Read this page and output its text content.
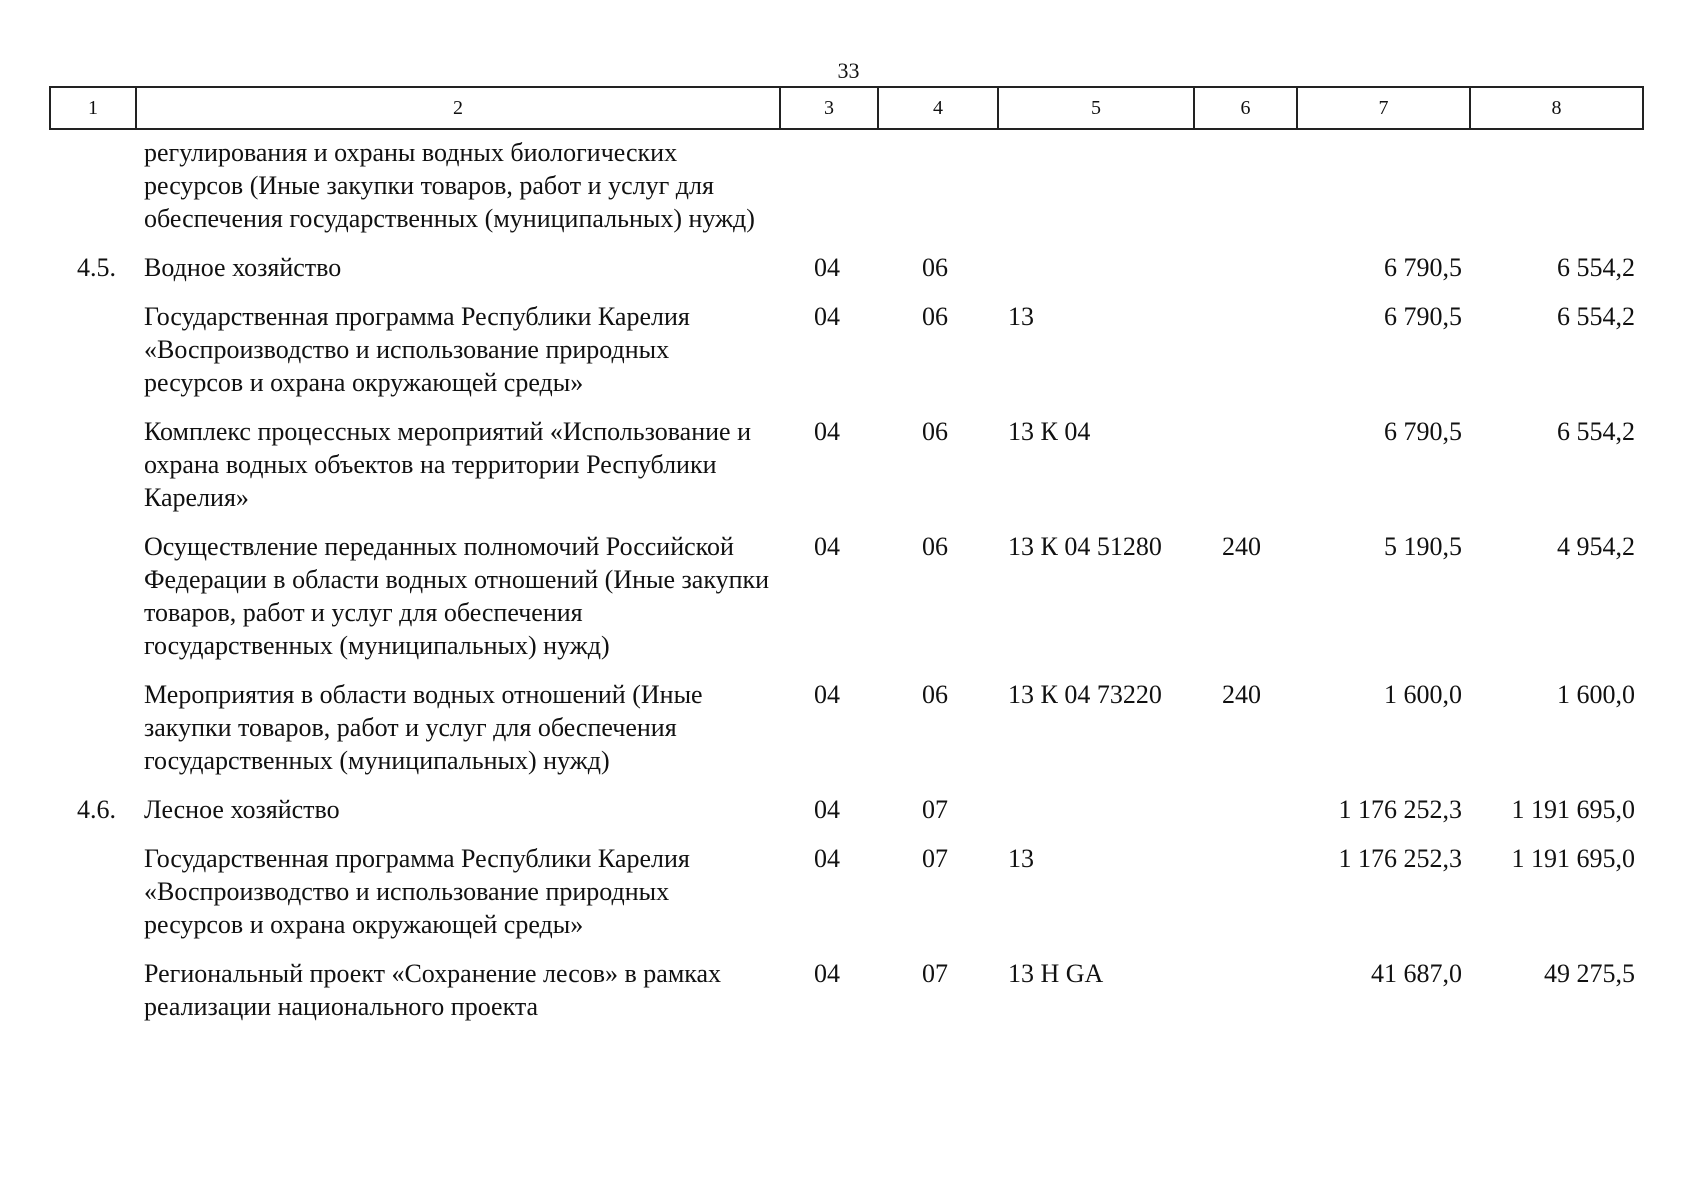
33
1	2	3	4	5	6	7	8
	регулирования и охраны водных биологических ресурсов (Иные закупки товаров, работ и услуг для обеспечения государственных (муниципальных) нужд)						
4.5.	Водное хозяйство	04	06			6 790,5	6 554,2
	Государственная программа Республики Карелия «Воспроизводство и использование природных ресурсов и охрана окружающей среды»	04	06	13		6 790,5	6 554,2
	Комплекс процессных мероприятий «Использование и охрана водных объектов на территории Республики Карелия»	04	06	13 К 04		6 790,5	6 554,2
	Осуществление переданных полномочий Российской Федерации в области водных отношений (Иные закупки товаров, работ и услуг для обеспечения государственных (муниципальных) нужд)	04	06	13 К 04 51280	240	5 190,5	4 954,2
	Мероприятия в области водных отношений (Иные закупки товаров, работ и услуг для обеспечения государственных (муниципальных) нужд)	04	06	13 К 04 73220	240	1 600,0	1 600,0
4.6.	Лесное хозяйство	04	07			1 176 252,3	1 191 695,0
	Государственная программа Республики Карелия «Воспроизводство и использование природных ресурсов и охрана окружающей среды»	04	07	13		1 176 252,3	1 191 695,0
	Региональный проект «Сохранение лесов» в рамках реализации национального проекта	04	07	13 Н GA		41 687,0	49 275,5
